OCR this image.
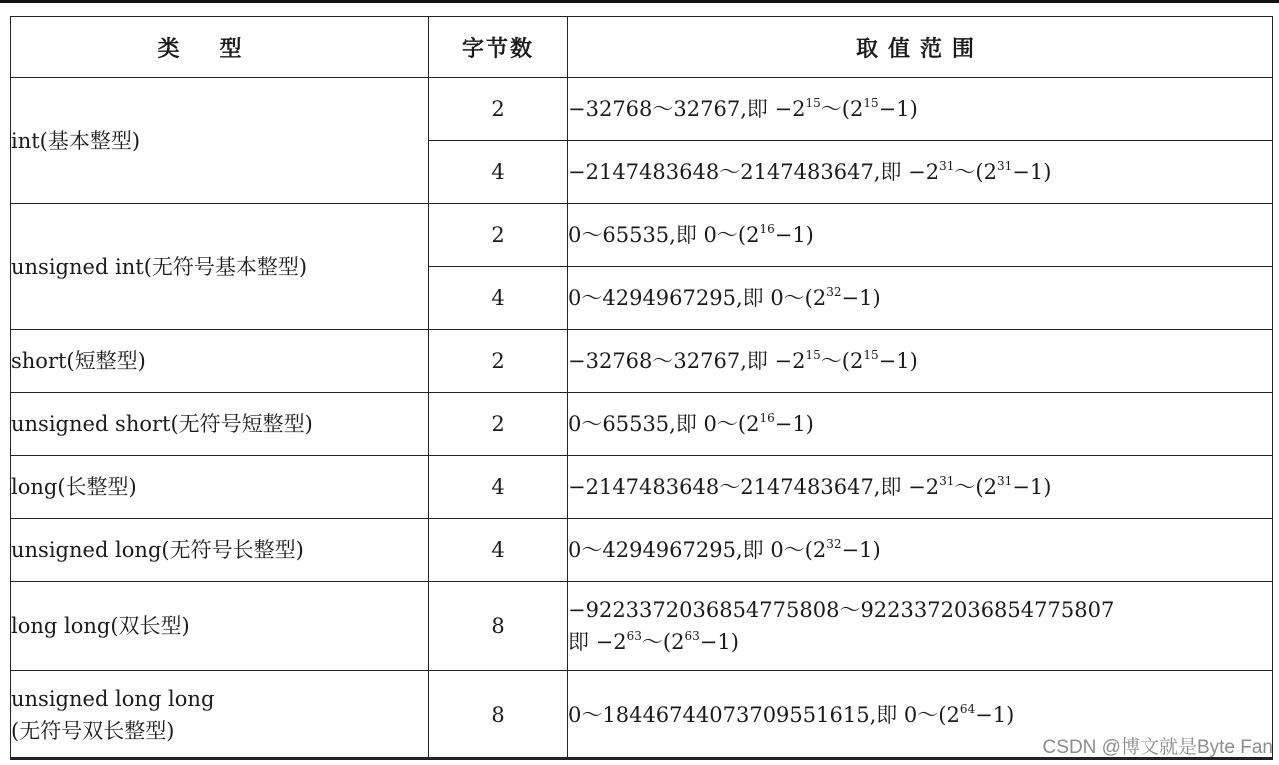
类型	字节数	取值范围
int(基本整型)	2	−32768～32767,即 $-2^{15}\sim(2^{15}-1)$
	4	−2147483648～2147483647,即 $-2^{31}\sim(2^{31}-1)$
unsigned int(无符号基本整型)	2	0～65535,即 $0\sim(2^{16}-1)$
	4	0～4294967295,即 $0\sim(2^{32}-1)$
short(短整型)	2	−32768～32767,即 $-2^{15}\sim(2^{15}-1)$
unsigned short(无符号短整型)	2	0～65535,即 $0\sim(2^{16}-1)$
long(长整型)	4	−2147483648～2147483647,即 $-2^{31}\sim(2^{31}-1)$
unsigned long(无符号长整型)	4	0～4294967295,即 $0\sim(2^{32}-1)$
long long(双长型)	8	−9223372036854775808～9223372036854775807
即 $-2^{63}\sim(2^{63}-1)$

unsigned long long
(无符号双长整型)	8	0～18446744073709551615,即 $0\sim(2^{64}-1)$
CSDN @博文就是Byte Fan
